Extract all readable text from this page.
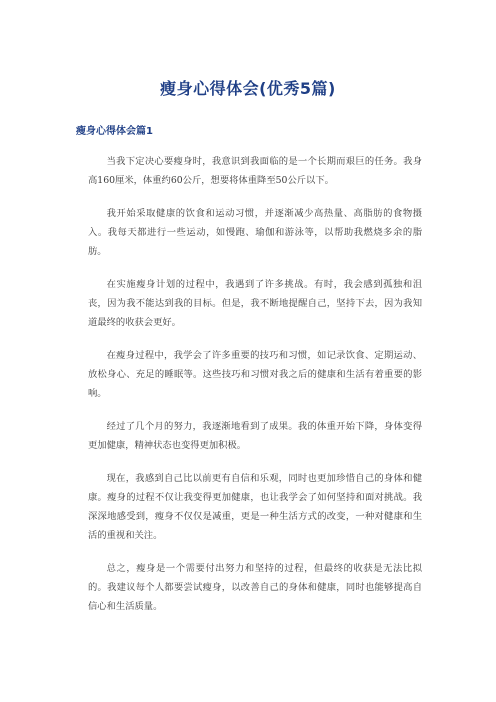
瘦身心得体会(优秀5篇)
瘦身心得体会篇1

当我下定决心要瘦身时，我意识到我面临的是一个长期而艰巨的任务。我身高160厘米，体重约60公斤，想要将体重降至50公斤以下。

我开始采取健康的饮食和运动习惯，并逐渐减少高热量、高脂肪的食物摄入。我每天都进行一些运动，如慢跑、瑜伽和游泳等，以帮助我燃烧多余的脂肪。

在实施瘦身计划的过程中，我遇到了许多挑战。有时，我会感到孤独和沮丧，因为我不能达到我的目标。但是，我不断地提醒自己，坚持下去，因为我知道最终的收获会更好。

在瘦身过程中，我学会了许多重要的技巧和习惯，如记录饮食、定期运动、放松身心、充足的睡眠等。这些技巧和习惯对我之后的健康和生活有着重要的影响。

经过了几个月的努力，我逐渐地看到了成果。我的体重开始下降，身体变得更加健康，精神状态也变得更加积极。

现在，我感到自己比以前更有自信和乐观，同时也更加珍惜自己的身体和健康。瘦身的过程不仅让我变得更加健康，也让我学会了如何坚持和面对挑战。我深深地感受到，瘦身不仅仅是减重，更是一种生活方式的改变，一种对健康和生活的重视和关注。

总之，瘦身是一个需要付出努力和坚持的过程，但最终的收获是无法比拟的。我建议每个人都要尝试瘦身，以改善自己的身体和健康，同时也能够提高自信心和生活质量。
